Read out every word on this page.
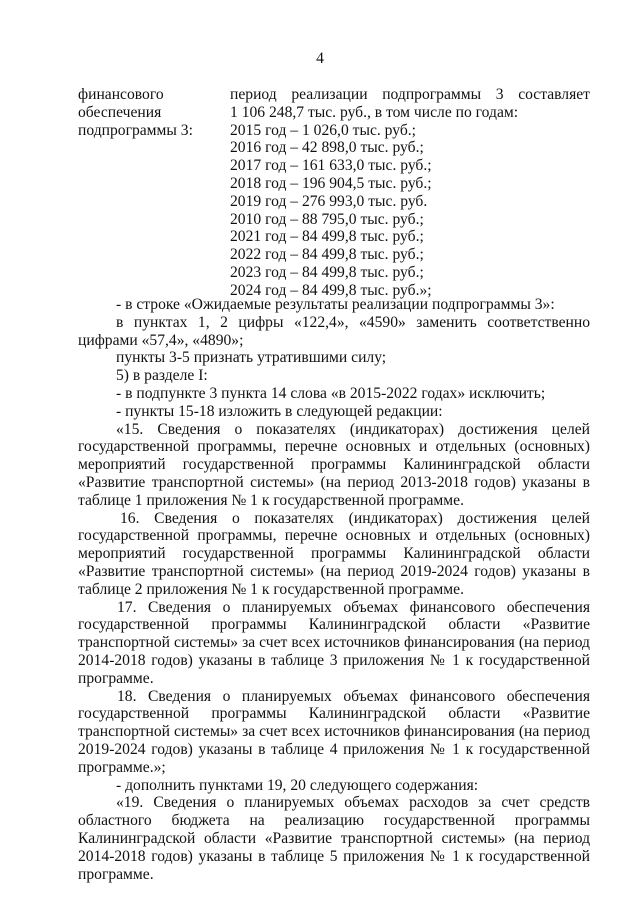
4
финансового
обеспечения
подпрограммы 3:
период реализации подпрограммы 3 составляет
1 106 248,7 тыс. руб., в том числе по годам:
2015 год – 1 026,0 тыс. руб.;
2016 год – 42 898,0 тыс. руб.;
2017 год – 161 633,0 тыс. руб.;
2018 год – 196 904,5 тыс. руб.;
2019 год – 276 993,0 тыс. руб.
2010 год – 88 795,0 тыс. руб.;
2021 год – 84 499,8 тыс. руб.;
2022 год – 84 499,8 тыс. руб.;
2023 год – 84 499,8 тыс. руб.;
2024 год – 84 499,8 тыс. руб.»;
- в строке «Ожидаемые результаты реализации подпрограммы 3»:
в пунктах 1, 2 цифры «122,4», «4590» заменить соответственно
цифрами «57,4», «4890»;
пункты 3-5 признать утратившими силу;
5) в разделе I:
- в подпункте 3 пункта 14 слова «в 2015-2022 годах» исключить;
- пункты 15-18 изложить в следующей редакции:
«15. Сведения о показателях (индикаторах) достижения целей
государственной программы, перечне основных и отдельных (основных)
мероприятий государственной программы Калининградской области
«Развитие транспортной системы» (на период 2013-2018 годов) указаны в
таблице 1 приложения № 1 к государственной программе.
16. Сведения о показателях (индикаторах) достижения целей
государственной программы, перечне основных и отдельных (основных)
мероприятий государственной программы Калининградской области
«Развитие транспортной системы» (на период 2019-2024 годов) указаны в
таблице 2 приложения № 1 к государственной программе.
17. Сведения о планируемых объемах финансового обеспечения
государственной программы Калининградской области «Развитие
транспортной системы» за счет всех источников финансирования (на период
2014-2018 годов) указаны в таблице 3 приложения № 1 к государственной
программе.
18. Сведения о планируемых объемах финансового обеспечения
государственной программы Калининградской области «Развитие
транспортной системы» за счет всех источников финансирования (на период
2019-2024 годов) указаны в таблице 4 приложения № 1 к государственной
программе.»;
- дополнить пунктами 19, 20 следующего содержания:
«19. Сведения о планируемых объемах расходов за счет средств
областного бюджета на реализацию государственной программы
Калининградской области «Развитие транспортной системы» (на период
2014-2018 годов) указаны в таблице 5 приложения № 1 к государственной
программе.
